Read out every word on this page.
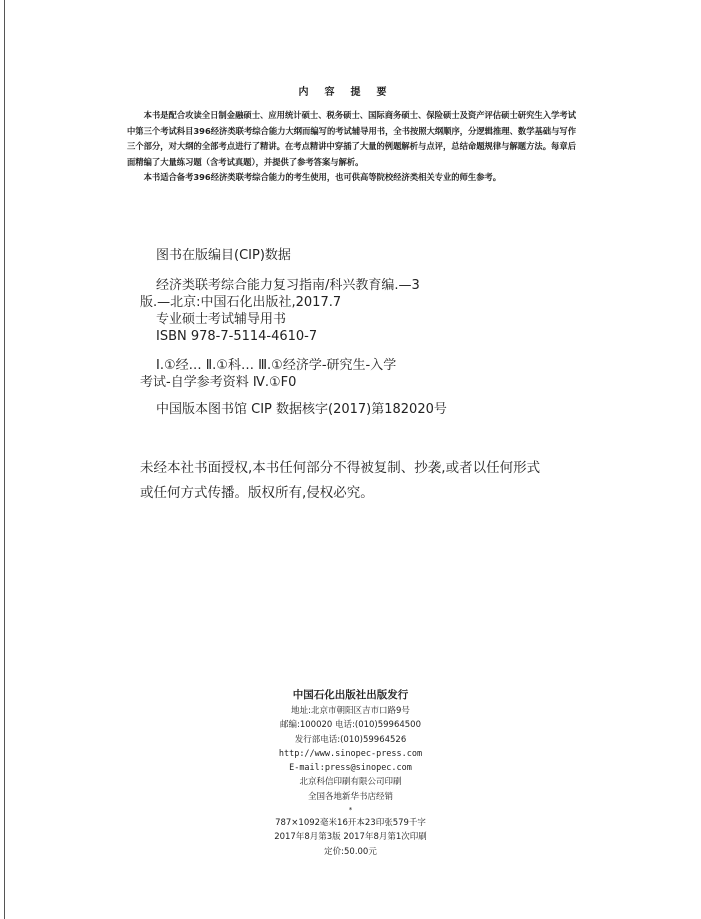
内容提要

本书是配合攻读全日制金融硕士、应用统计硕士、税务硕士、国际商务硕士、保险硕士及资产评估硕士研究生入学考试中第三个考试科目396经济类联考综合能力大纲而编写的考试辅导用书，全书按照大纲顺序，分逻辑推理、数学基础与写作三个部分，对大纲的全部考点进行了精讲。在考点精讲中穿插了大量的例题解析与点评，总结命题规律与解题方法。每章后面精编了大量练习题（含考试真题），并提供了参考答案与解析。

本书适合备考396经济类联考综合能力的考生使用，也可供高等院校经济类相关专业的师生参考。

图书在版编目(CIP)数据
经济类联考综合能力复习指南/科兴教育编.—3
版.—北京:中国石化出版社,2017.7
专业硕士考试辅导用书
ISBN 978-7-5114-4610-7
Ⅰ.①经… Ⅱ.①科… Ⅲ.①经济学-研究生-入学
考试-自学参考资料 Ⅳ.①F0
中国版本图书馆 CIP 数据核字(2017)第182020号

未经本社书面授权,本书任何部分不得被复制、抄袭,或者以任何形式

或任何方式传播。版权所有,侵权必究。

中国石化出版社出版发行
地址:北京市朝阳区吉市口路9号
邮编:100020 电话:(010)59964500
发行部电话:(010)59964526
http://www.sinopec-press.com
E-mail:press@sinopec.com
北京科信印刷有限公司印刷
全国各地新华书店经销
*
787×1092毫米16开本23印张579千字
2017年8月第3版 2017年8月第1次印刷
定价:50.00元
